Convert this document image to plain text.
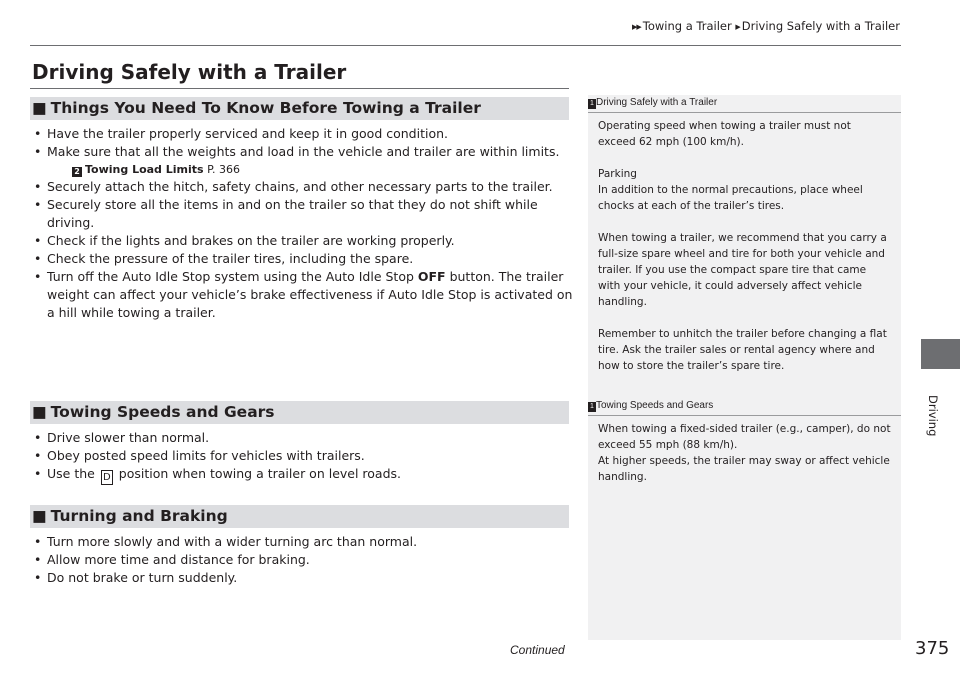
▶▶ Towing a Trailer ▶ Driving Safely with a Trailer
Driving Safely with a Trailer
■ Things You Need To Know Before Towing a Trailer
• Have the trailer properly serviced and keep it in good condition.
• Make sure that all the weights and load in the vehicle and trailer are within limits.
2 Towing Load Limits P. 366
• Securely attach the hitch, safety chains, and other necessary parts to the trailer.
• Securely store all the items in and on the trailer so that they do not shift while driving.
• Check if the lights and brakes on the trailer are working properly.
• Check the pressure of the trailer tires, including the spare.
• Turn off the Auto Idle Stop system using the Auto Idle Stop OFF button. The trailer weight can affect your vehicle’s brake effectiveness if Auto Idle Stop is activated on a hill while towing a trailer.
■ Towing Speeds and Gears
• Drive slower than normal.
• Obey posted speed limits for vehicles with trailers.
• Use the D position when towing a trailer on level roads.
■ Turning and Braking
• Turn more slowly and with a wider turning arc than normal.
• Allow more time and distance for braking.
• Do not brake or turn suddenly.
1 Driving Safely with a Trailer

Operating speed when towing a trailer must not exceed 62 mph (100 km/h).

Parking
In addition to the normal precautions, place wheel chocks at each of the trailer’s tires.

When towing a trailer, we recommend that you carry a full-size spare wheel and tire for both your vehicle and trailer. If you use the compact spare tire that came with your vehicle, it could adversely affect vehicle handling.

Remember to unhitch the trailer before changing a flat tire. Ask the trailer sales or rental agency where and how to store the trailer’s spare tire.

1 Towing Speeds and Gears

When towing a fixed-sided trailer (e.g., camper), do not exceed 55 mph (88 km/h).
At higher speeds, the trailer may sway or affect vehicle handling.

Driving
Continued	375
